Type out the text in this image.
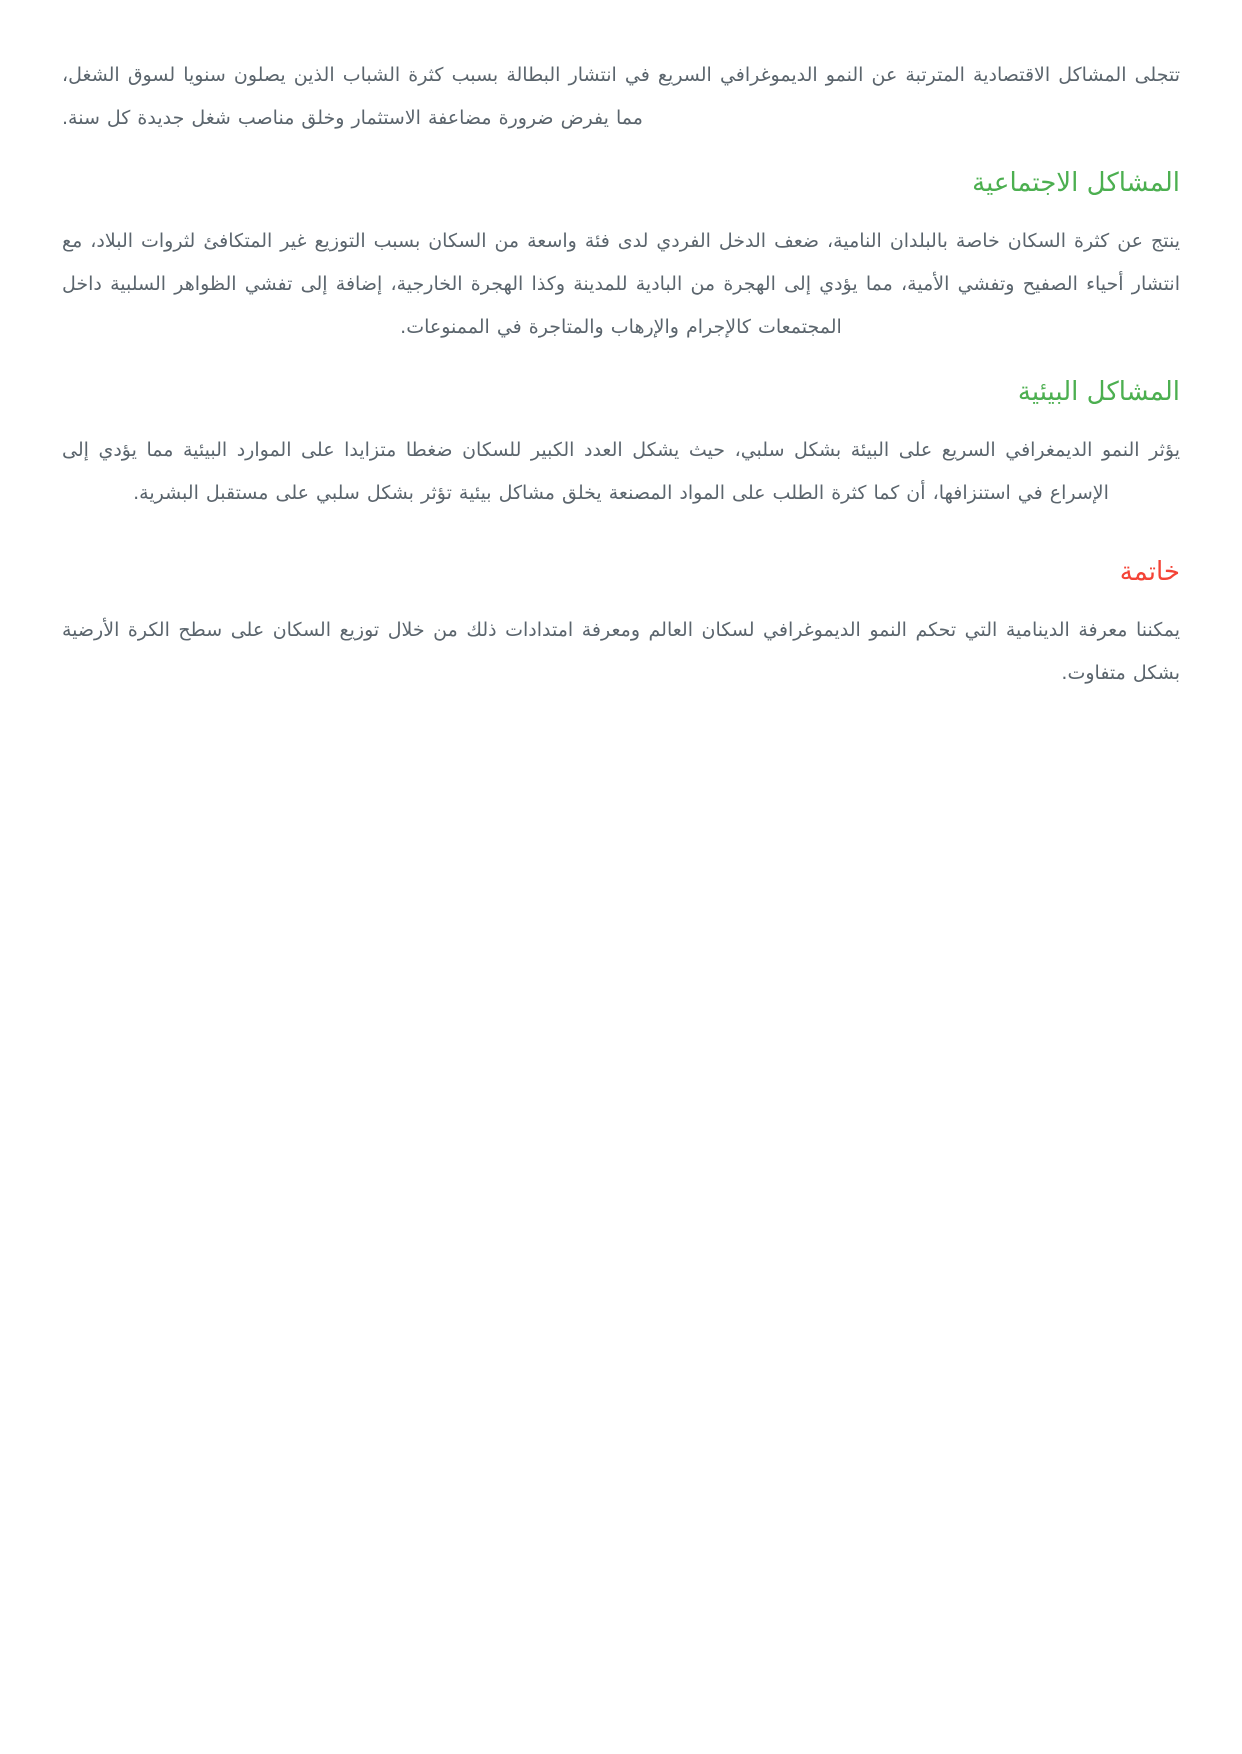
تتجلى المشاكل الاقتصادية المترتبة عن النمو الديموغرافي السريع في انتشار البطالة بسبب كثرة الشباب الذين يصلون سنويا لسوق الشغل، مما يفرض ضرورة مضاعفة الاستثمار وخلق مناصب شغل جديدة كل سنة.

المشاكل الاجتماعية

ينتج عن كثرة السكان خاصة بالبلدان النامية، ضعف الدخل الفردي لدى فئة واسعة من السكان بسبب التوزيع غير المتكافئ لثروات البلاد، مع انتشار أحياء الصفيح وتفشي الأمية، مما يؤدي إلى الهجرة من البادية للمدينة وكذا الهجرة الخارجية، إضافة إلى تفشي الظواهر السلبية داخل المجتمعات كالإجرام والإرهاب والمتاجرة في الممنوعات.

المشاكل البيئية

يؤثر النمو الديمغرافي السريع على البيئة بشكل سلبي، حيث يشكل العدد الكبير للسكان ضغطا متزايدا على الموارد البيئية مما يؤدي إلى الإسراع في استنزافها، أن كما كثرة الطلب على المواد المصنعة يخلق مشاكل بيئية تؤثر بشكل سلبي على مستقبل البشرية.

خاتمة

يمكننا معرفة الدينامية التي تحكم النمو الديموغرافي لسكان العالم ومعرفة امتدادات ذلك من خلال توزيع السكان على سطح الكرة الأرضية بشكل متفاوت.
